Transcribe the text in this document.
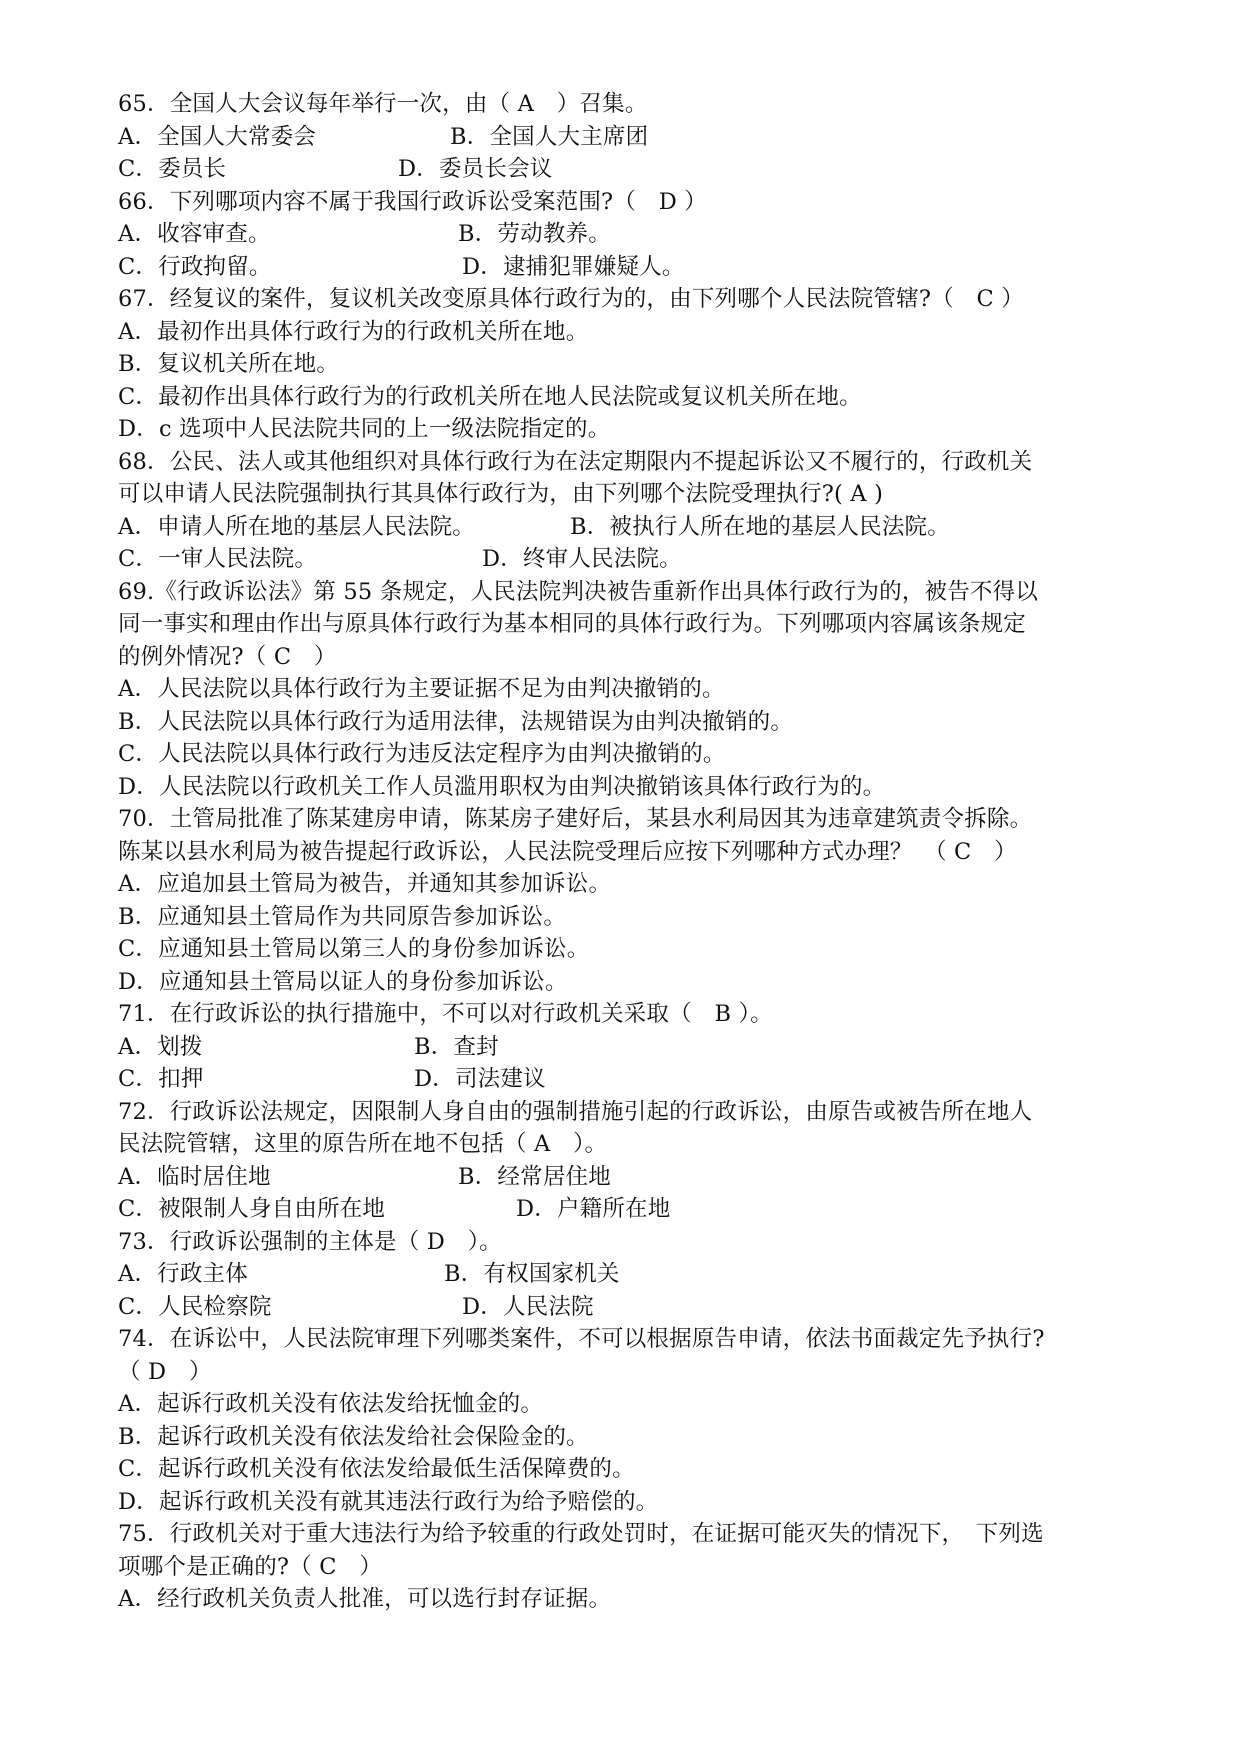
65．全国人大会议每年举行一次，由（ A　）召集。
A．全国人大常委会	B．全国人大主席团
C．委员长	D．委员长会议
66．下列哪项内容不属于我国行政诉讼受案范围?（　D ）
A．收容审查。	B．劳动教养。
C．行政拘留。	D．逮捕犯罪嫌疑人。
67．经复议的案件，复议机关改变原具体行政行为的，由下列哪个人民法院管辖?（　C ）
A．最初作出具体行政行为的行政机关所在地。
B．复议机关所在地。
C．最初作出具体行政行为的行政机关所在地人民法院或复议机关所在地。
D．c 选项中人民法院共同的上一级法院指定的。
68．公民、法人或其他组织对具体行政行为在法定期限内不提起诉讼又不履行的，行政机关
可以申请人民法院强制执行其具体行政行为，由下列哪个法院受理执行?( A )
A．申请人所在地的基层人民法院。	B．被执行人所在地的基层人民法院。
C．一审人民法院。	D．终审人民法院。
69.《行政诉讼法》第 55 条规定，人民法院判决被告重新作出具体行政行为的，被告不得以
同一事实和理由作出与原具体行政行为基本相同的具体行政行为。下列哪项内容属该条规定
的例外情况?（ C　）
A．人民法院以具体行政行为主要证据不足为由判决撤销的。
B．人民法院以具体行政行为适用法律，法规错误为由判决撤销的。
C．人民法院以具体行政行为违反法定程序为由判决撤销的。
D．人民法院以行政机关工作人员滥用职权为由判决撤销该具体行政行为的。
70．土管局批准了陈某建房申请，陈某房子建好后，某县水利局因其为违章建筑责令拆除。
陈某以县水利局为被告提起行政诉讼，人民法院受理后应按下列哪种方式办理？　（ C　）
A．应追加县土管局为被告，并通知其参加诉讼。
B．应通知县土管局作为共同原告参加诉讼。
C．应通知县土管局以第三人的身份参加诉讼。
D．应通知县土管局以证人的身份参加诉讼。
71．在行政诉讼的执行措施中，不可以对行政机关采取（　B ）。
A．划拨	B．查封
C．扣押	D．司法建议
72．行政诉讼法规定，因限制人身自由的强制措施引起的行政诉讼，由原告或被告所在地人
民法院管辖，这里的原告所在地不包括（ A　）。
A．临时居住地	B．经常居住地
C．被限制人身自由所在地	D．户籍所在地
73．行政诉讼强制的主体是（ D　）。
A．行政主体	B．有权国家机关
C．人民检察院	D．人民法院
74．在诉讼中，人民法院审理下列哪类案件，不可以根据原告申请，依法书面裁定先予执行?
（ D　）
A．起诉行政机关没有依法发给抚恤金的。
B．起诉行政机关没有依法发给社会保险金的。
C．起诉行政机关没有依法发给最低生活保障费的。
D．起诉行政机关没有就其违法行政行为给予赔偿的。
75．行政机关对于重大违法行为给予较重的行政处罚时，在证据可能灭失的情况下，　下列选
项哪个是正确的?（ C　）
A．经行政机关负责人批准，可以选行封存证据。
